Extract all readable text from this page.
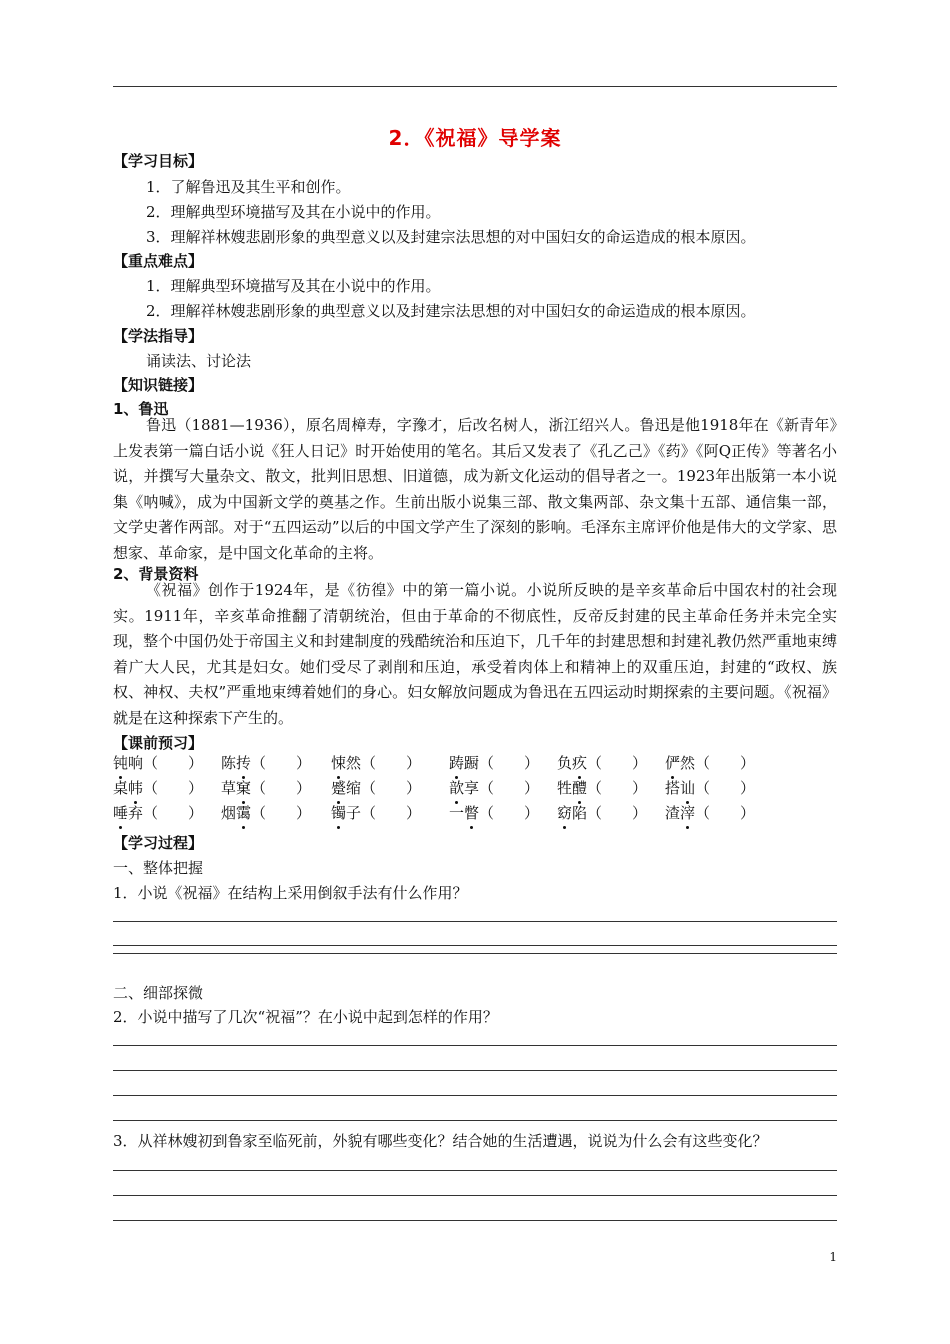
2．《祝福》导学案
【学习目标】
1．了解鲁迅及其生平和创作。
2．理解典型环境描写及其在小说中的作用。
3．理解祥林嫂悲剧形象的典型意义以及封建宗法思想的对中国妇女的命运造成的根本原因。
【重点难点】
1．理解典型环境描写及其在小说中的作用。
2．理解祥林嫂悲剧形象的典型意义以及封建宗法思想的对中国妇女的命运造成的根本原因。
【学法指导】
诵读法、讨论法
【知识链接】
1、鲁迅
鲁迅（1881—1936），原名周樟寿，字豫才，后改名树人，浙江绍兴人。鲁迅是他1918年在《新青年》上发表第一篇白话小说《狂人日记》时开始使用的笔名。其后又发表了《孔乙己》《药》《阿Q正传》等著名小说，并撰写大量杂文、散文，批判旧思想、旧道德，成为新文化运动的倡导者之一。1923年出版第一本小说集《呐喊》，成为中国新文学的奠基之作。生前出版小说集三部、散文集两部、杂文集十五部、通信集一部，文学史著作两部。对于“五四运动”以后的中国文学产生了深刻的影响。毛泽东主席评价他是伟大的文学家、思想家、革命家，是中国文化革命的主将。
2、背景资料
《祝福》创作于1924年，是《彷徨》中的第一篇小说。小说所反映的是辛亥革命后中国农村的社会现实。1911年，辛亥革命推翻了清朝统治，但由于革命的不彻底性，反帝反封建的民主革命任务并未完全实现，整个中国仍处于帝国主义和封建制度的残酷统治和压迫下，几千年的封建思想和封建礼教仍然严重地束缚着广大人民，尤其是妇女。她们受尽了剥削和压迫，承受着肉体上和精神上的双重压迫，封建的“政权、族权、神权、夫权”严重地束缚着她们的身心。妇女解放问题成为鲁迅在五四运动时期探索的主要问题。《祝福》就是在这种探索下产生的。
【课前预习】
钝响（　　） 陈抟（　　） 悚然（　　） 踌蹰（　　） 负疚（　　） 俨然（　　）
桌帏（　　） 草窠（　　） 蹙缩（　　） 歆享（　　） 牲醴（　　） 搭讪（　　）
唾弃（　　） 烟霭（　　） 镯子（　　） 一瞥（　　） 窈陷（　　） 渣滓（　　）
【学习过程】
一、整体把握
1．小说《祝福》在结构上采用倒叙手法有什么作用？
二、细部探微
2．小说中描写了几次“祝福”？在小说中起到怎样的作用？
3．从祥林嫂初到鲁家至临死前，外貌有哪些变化？结合她的生活遭遇，说说为什么会有这些变化？
1
